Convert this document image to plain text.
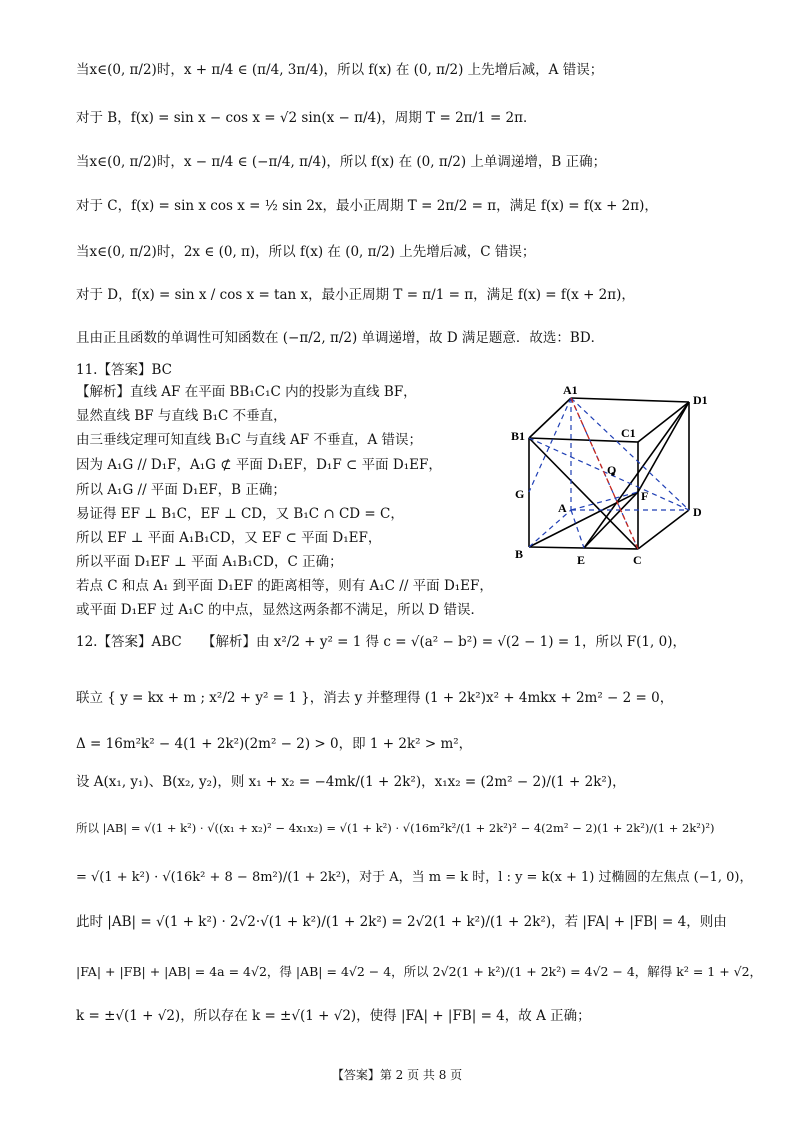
当x∈(0, π/2)时，x + π/4 ∈ (π/4, 3π/4)，所以 f(x) 在 (0, π/2) 上先增后减，A 错误；
对于 B，f(x) = sin x − cos x = √2 sin(x − π/4)，周期 T = 2π/1 = 2π．
当x∈(0, π/2)时，x − π/4 ∈ (−π/4, π/4)，所以 f(x) 在 (0, π/2) 上单调递增，B 正确；
对于 C，f(x) = sin x cos x = ½ sin 2x，最小正周期 T = 2π/2 = π，满足 f(x) = f(x + 2π)，
当x∈(0, π/2)时，2x ∈ (0, π)，所以 f(x) 在 (0, π/2) 上先增后减，C 错误；
对于 D，f(x) = sin x / cos x = tan x，最小正周期 T = π/1 = π，满足 f(x) = f(x + 2π)，
且由正且函数的单调性可知函数在 (−π/2, π/2) 单调递增，故 D 满足题意．故选：BD．
11.【答案】BC
【解析】直线 AF 在平面 BB₁C₁C 内的投影为直线 BF，
显然直线 BF 与直线 B₁C 不垂直，
由三垂线定理可知直线 B₁C 与直线 AF 不垂直，A 错误；
因为 A₁G // D₁F，A₁G ⊄ 平面 D₁EF，D₁F ⊂ 平面 D₁EF，
所以 A₁G // 平面 D₁EF，B 正确；
易证得 EF ⊥ B₁C，EF ⊥ CD，又 B₁C ∩ CD = C，
所以 EF ⊥ 平面 A₁B₁CD，又 EF ⊂ 平面 D₁EF，
所以平面 D₁EF ⊥ 平面 A₁B₁CD，C 正确；
若点 C 和点 A₁ 到平面 D₁EF 的距离相等，则有 A₁C // 平面 D₁EF，
或平面 D₁EF 过 A₁C 的中点，显然这两条都不满足，所以 D 错误．
12.【答案】ABC　　【解析】由 x²/2 + y² = 1 得 c = √(a² − b²) = √(2 − 1) = 1，所以 F(1, 0)，
联立 { y = kx + m ; x²/2 + y² = 1 }，消去 y 并整理得 (1 + 2k²)x² + 4mkx + 2m² − 2 = 0，
Δ = 16m²k² − 4(1 + 2k²)(2m² − 2) > 0，即 1 + 2k² > m²，
设 A(x₁, y₁)、B(x₂, y₂)，则 x₁ + x₂ = −4mk/(1 + 2k²)，x₁x₂ = (2m² − 2)/(1 + 2k²)，
所以 |AB| = √(1 + k²) · √((x₁ + x₂)² − 4x₁x₂) = √(1 + k²) · √(16m²k²/(1 + 2k²)² − 4(2m² − 2)(1 + 2k²)/(1 + 2k²)²)
= √(1 + k²) · √(16k² + 8 − 8m²)/(1 + 2k²)，对于 A，当 m = k 时，l : y = k(x + 1) 过椭圆的左焦点 (−1, 0)，
此时 |AB| = √(1 + k²) · 2√2·√(1 + k²)/(1 + 2k²) = 2√2(1 + k²)/(1 + 2k²)，若 |FA| + |FB| = 4，则由
|FA| + |FB| + |AB| = 4a = 4√2，得 |AB| = 4√2 − 4，所以 2√2(1 + k²)/(1 + 2k²) = 4√2 − 4，解得 k² = 1 + √2，
k = ±√(1 + √2)，所以存在 k = ±√(1 + √2)，使得 |FA| + |FB| = 4，故 A 正确；
A1
D1
B1	C1
O
G	F
A	D
B	E	C
【答案】第 2 页 共 8 页
